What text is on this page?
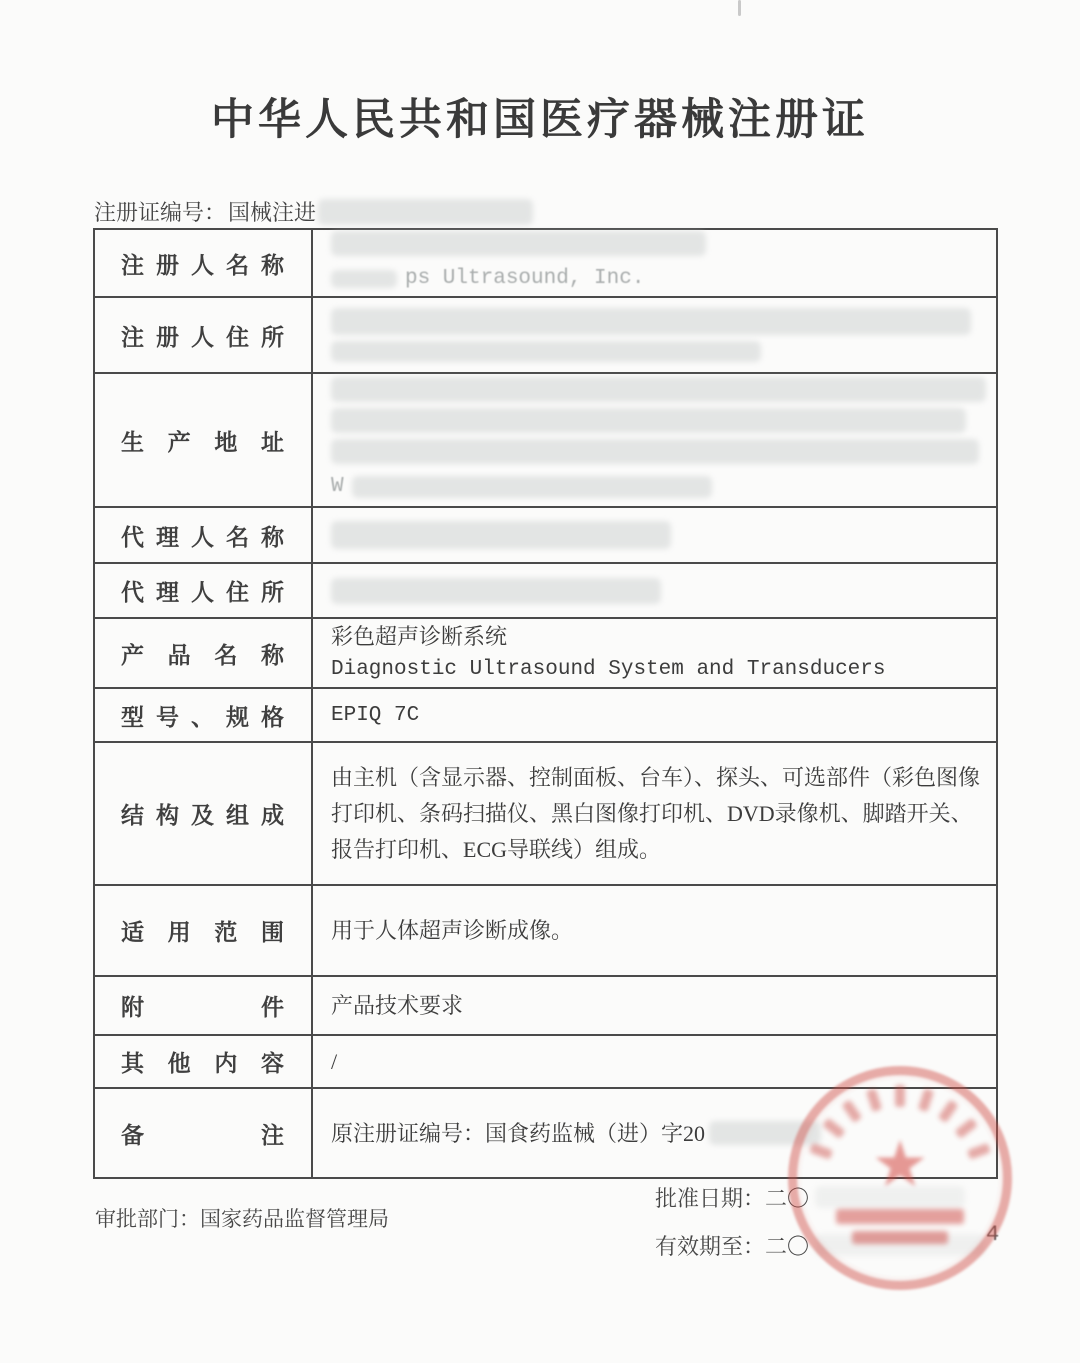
中华人民共和国医疗器械注册证
注册证编号： 国械注进
注册人名称
ps Ultrasound, Inc.
注册人住所
生产地址
W
代理人名称
代理人住所
产品名称
彩色超声诊断系统
Diagnostic Ultrasound System and Transducers
型号、规格 EPIQ 7C
结构及组成
由主机（含显示器、控制面板、台车）、探头、可选部件（彩色图像打印机、条码扫描仪、黑白图像打印机、DVD录像机、脚踏开关、报告打印机、ECG导联线）组成。
适用范围 用于人体超声诊断成像。
附件 产品技术要求
其他内容 /
备注 原注册证编号：国食药监械（进）字20
审批部门：国家药品监督管理局
批准日期：二〇
有效期至：二〇	4
★
